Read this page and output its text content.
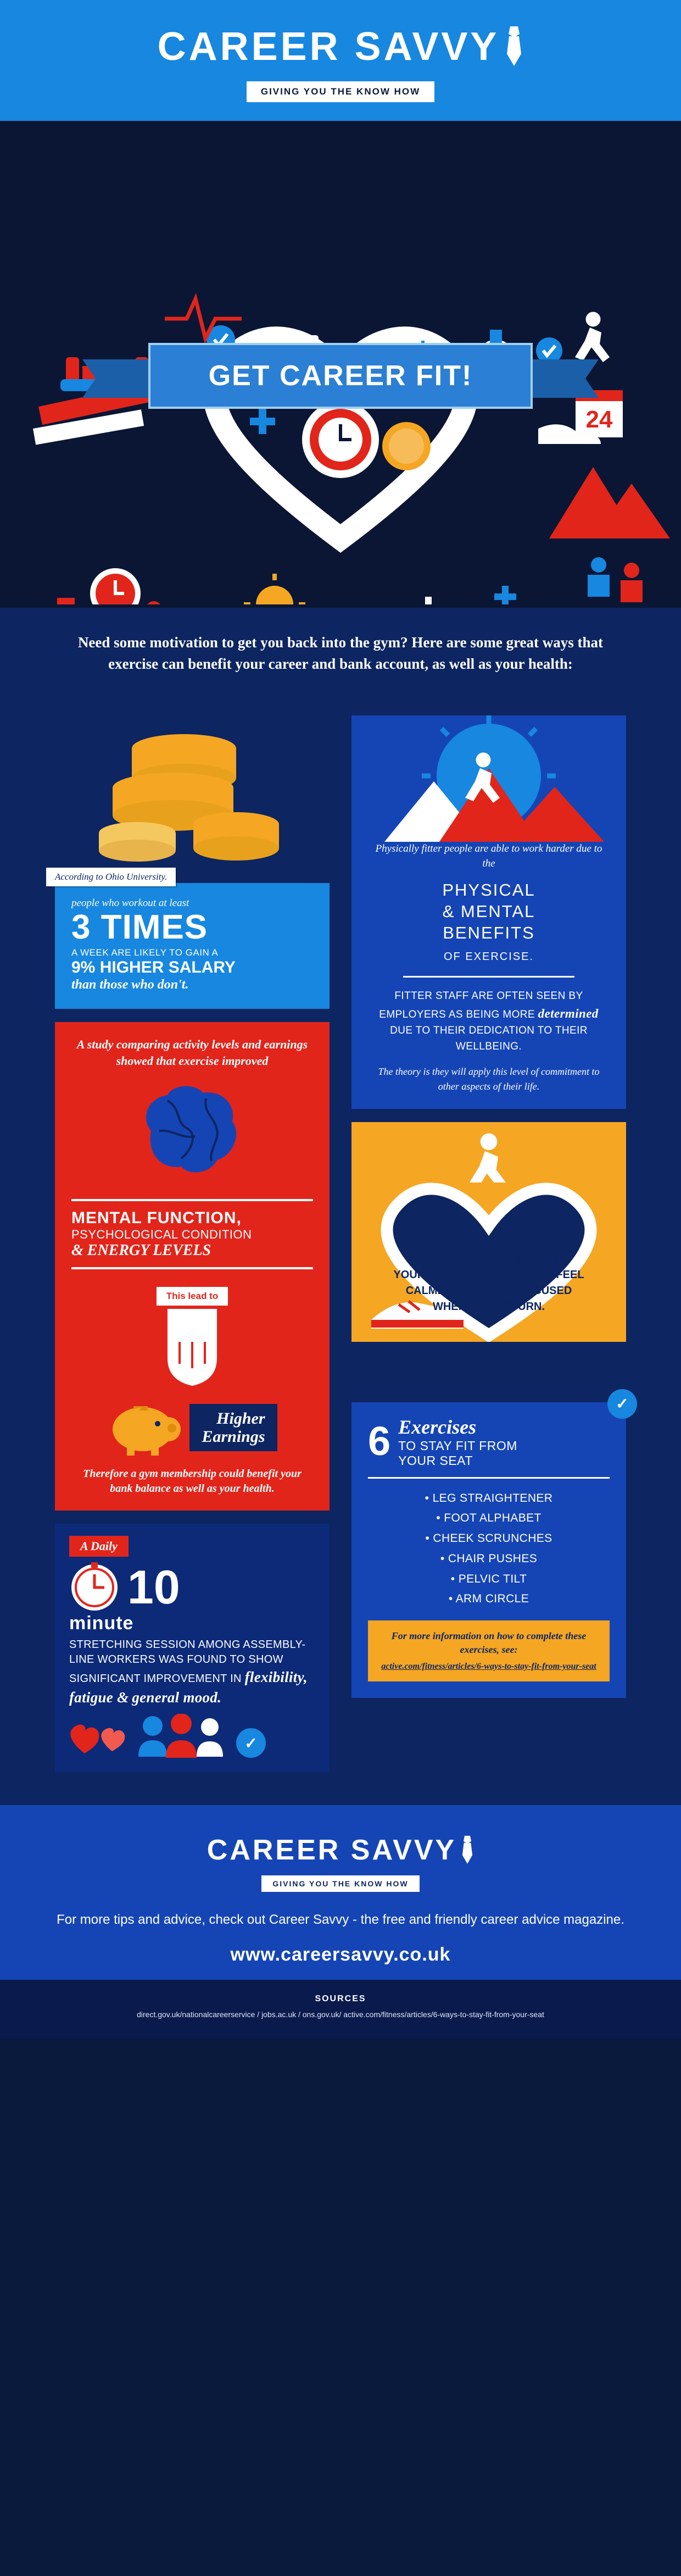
CAREER SAVVY
GIVING YOU THE KNOW HOW
24
GET CAREER FIT!

Need some motivation to get you back into the gym? Here are some great ways that exercise can benefit your career and bank account, as well as your health:

According to Ohio University.
people who workout at least
3 TIMES
A WEEK ARE LIKELY TO GAIN A
9% HIGHER SALARY
than those who don't.
A study comparing activity levels and earnings showed that exercise improved
MENTAL FUNCTION,
PSYCHOLOGICAL CONDITION
& ENERGY LEVELS
This lead to
Higher
Earnings
Therefore a gym membership could benefit your bank balance as well as your health.
A Daily
10
minute
STRETCHING SESSION AMONG ASSEMBLY-LINE WORKERS WAS FOUND TO SHOW SIGNIFICANT IMPROVEMENT IN flexibility, fatigue & general mood.
✓
Physically fitter people are able to work harder due to the
PHYSICAL
& MENTAL
BENEFITS
OF EXERCISE.
FITTER STAFF ARE OFTEN SEEN BY EMPLOYERS AS BEING MORE determined DUE TO THEIR DEDICATION TO THEIR WELLBEING.
The theory is they will apply this level of commitment to other aspects of their life.
A QUICK WALK, JOG OR EVEN SESSION AT THE GYM DURING YOUR BREAK CAN HELP YOU FEEL CALMER AND MORE FOCUSED WHEN YOU RETURN.
✓
6 Exercises
TO STAY FIT FROM
YOUR SEAT
• LEG STRAIGHTENER
• FOOT ALPHABET
• CHEEK SCRUNCHES
• CHAIR PUSHES
• PELVIC TILT
• ARM CIRCLE
For more information on how to complete these exercises, see:
active.com/fitness/articles/6-ways-to-stay-fit-from-your-seat
CAREER SAVVY
GIVING YOU THE KNOW HOW
For more tips and advice, check out Career Savvy - the free and friendly career advice magazine.
www.careersavvy.co.uk
SOURCES

direct.gov.uk/nationalcareerservice / jobs.ac.uk / ons.gov.uk/ active.com/fitness/articles/6-ways-to-stay-fit-from-your-seat
